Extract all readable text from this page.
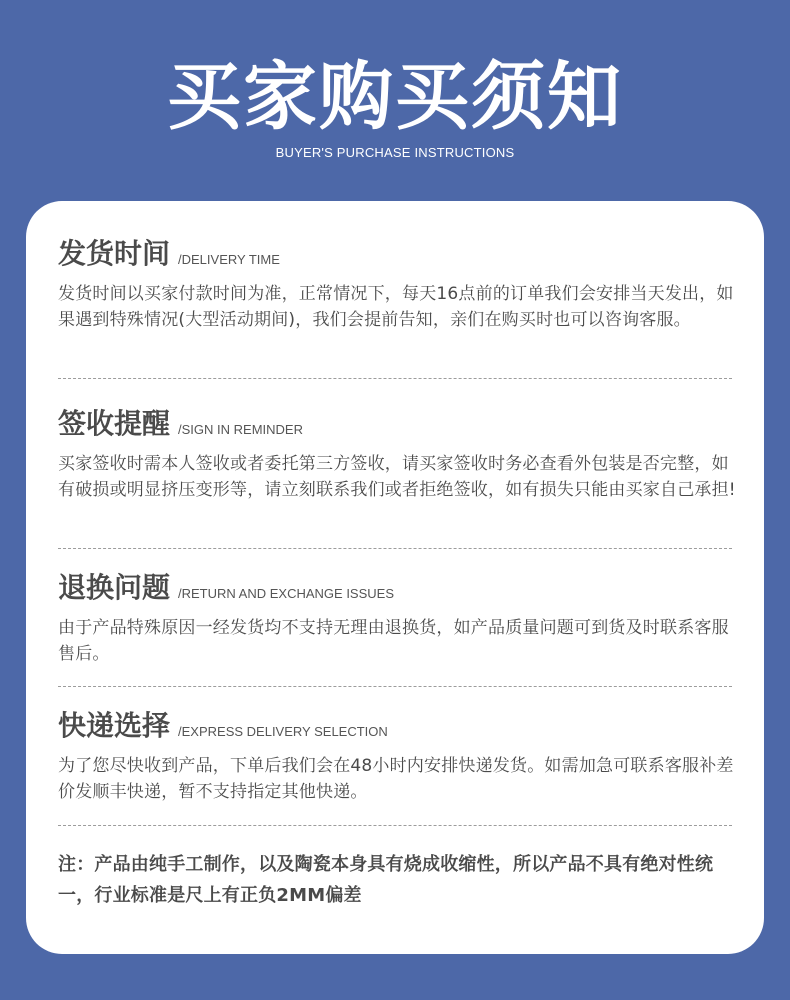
买家购买须知
BUYER'S PURCHASE INSTRUCTIONS
发货时间 /DELIVERY TIME
发货时间以买家付款时间为准，正常情况下，每天16点前的订单我们会安排当天发出，如果遇到特殊情况(大型活动期间)，我们会提前告知，亲们在购买时也可以咨询客服。
签收提醒 /SIGN IN REMINDER
买家签收时需本人签收或者委托第三方签收，请买家签收时务必查看外包装是否完整，如有破损或明显挤压变形等，请立刻联系我们或者拒绝签收，如有损失只能由买家自己承担!
退换问题 /RETURN AND EXCHANGE ISSUES
由于产品特殊原因一经发货均不支持无理由退换货，如产品质量问题可到货及时联系客服售后。
快递选择 /EXPRESS DELIVERY SELECTION
为了您尽快收到产品，下单后我们会在48小时内安排快递发货。如需加急可联系客服补差价发顺丰快递，暂不支持指定其他快递。
注：产品由纯手工制作，以及陶瓷本身具有烧成收缩性，所以产品不具有绝对性统一，行业标准是尺上有正负2MM偏差
